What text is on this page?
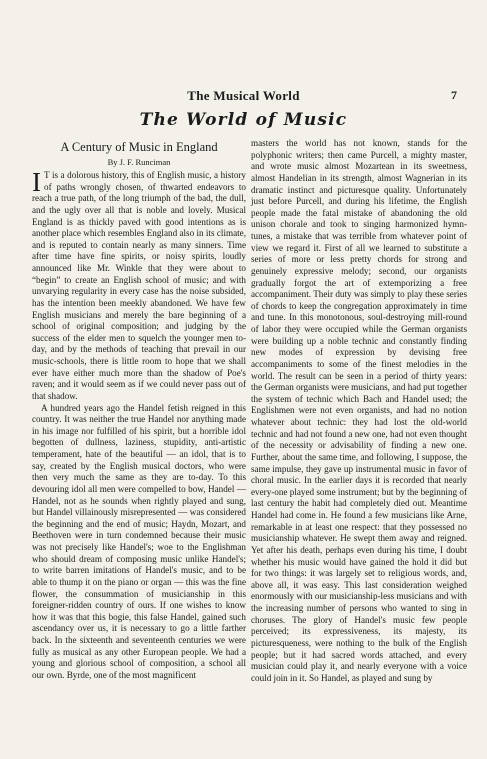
The Musical World	7
The World of Music
A Century of Music in England
By J. F. Runciman

I T is a dolorous history, this of English music, a history of paths wrongly chosen, of thwarted endeavors to reach a true path, of the long triumph of the bad, the dull, and the ugly over all that is noble and lovely. Musical England is as thickly paved with good intentions as is another place which resembles England also in its climate, and is reputed to contain nearly as many sinners. Time after time have fine spirits, or noisy spirits, loudly announced like Mr. Winkle that they were about to “begin” to create an English school of music; and with unvarying regularity in every case has the noise subsided, has the intention been meekly abandoned. We have few English musicians and merely the bare beginning of a school of original composition; and judging by the success of the elder men to squelch the younger men to-day, and by the methods of teaching that prevail in our music-schools, there is little room to hope that we shall ever have either much more than the shadow of Poe's raven; and it would seem as if we could never pass out of that shadow.

A hundred years ago the Handel fetish reigned in this country. It was neither the true Handel nor anything made in his image nor fulfilled of his spirit, but a horrible idol begotten of dullness, laziness, stupidity, anti-artistic temperament, hate of the beautiful — an idol, that is to say, created by the English musical doctors, who were then very much the same as they are to-day. To this devouring idol all men were compelled to bow, Handel — Handel, not as he sounds when rightly played and sung, but Handel villainously misrepresented — was considered the beginning and the end of music; Haydn, Mozart, and Beethoven were in turn condemned because their music was not precisely like Handel's; woe to the Englishman who should dream of composing music unlike Handel's; to write barren imitations of Handel's music, and to be able to thump it on the piano or organ — this was the fine flower, the consummation of musicianship in this foreigner-ridden country of ours. If one wishes to know how it was that this bogie, this false Handel, gained such ascendancy over us, it is necessary to go a little farther back. In the sixteenth and seventeenth centuries we were fully as musical as any other European people. We had a young and glorious school of composition, a school all our own. Byrde, one of the most magnificent

masters the world has not known, stands for the polyphonic writers; then came Purcell, a mighty master, and wrote music almost Mozartean in its sweetness, almost Handelian in its strength, almost Wagnerian in its dramatic instinct and picturesque quality. Unfortunately just before Purcell, and during his lifetime, the English people made the fatal mistake of abandoning the old unison chorale and took to singing harmonized hymn-tunes, a mistake that was terrible from whatever point of view we regard it. First of all we learned to substitute a series of more or less pretty chords for strong and genuinely expressive melody; second, our organists gradually forgot the art of extemporizing a free accompaniment. Their duty was simply to play these series of chords to keep the congregation approximately in time and tune. In this monotonous, soul-destroying mill-round of labor they were occupied while the German organists were building up a noble technic and constantly finding new modes of expression by devising free accompaniments to some of the finest melodies in the world. The result can be seen in a period of thirty years: the German organists were musicians, and had put together the system of technic which Bach and Handel used; the Englishmen were not even organists, and had no notion whatever about technic: they had lost the old-world technic and had not found a new one, had not even thought of the necessity or advisability of finding a new one. Further, about the same time, and following, I suppose, the same impulse, they gave up instrumental music in favor of choral music. In the earlier days it is recorded that nearly every-one played some instrument; but by the beginning of last century the habit had completely died out. Meantime Handel had come in. He found a few musicians like Arne, remarkable in at least one respect: that they possessed no musicianship whatever. He swept them away and reigned. Yet after his death, perhaps even during his time, I doubt whether his music would have gained the hold it did but for two things: it was largely set to religious words, and, above all, it was easy. This last consideration weighed enormously with our musicianship-less musicians and with the increasing number of persons who wanted to sing in choruses. The glory of Handel's music few people perceived; its expressiveness, its majesty, its picturesqueness, were nothing to the bulk of the English people; but it had sacred words attached, and every musician could play it, and nearly everyone with a voice could join in it. So Handel, as played and sung by
